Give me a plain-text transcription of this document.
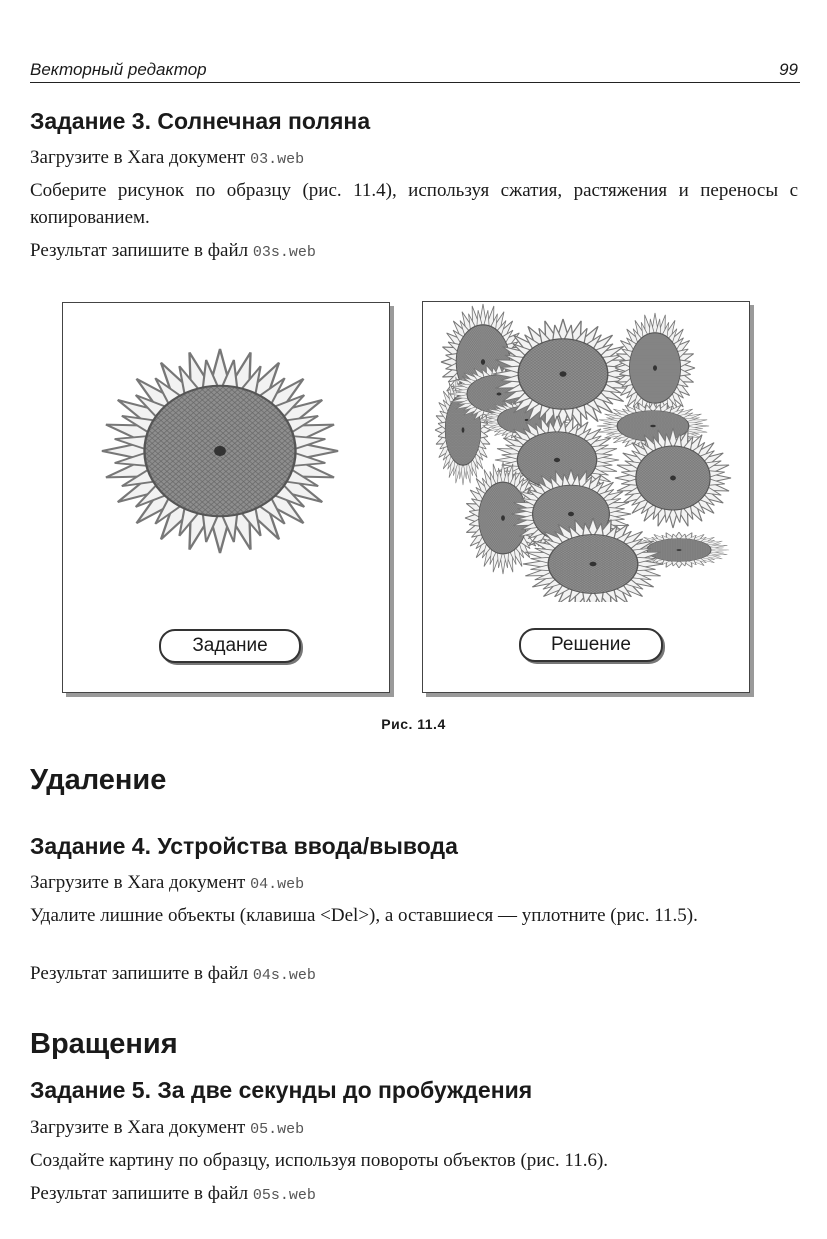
Векторный редактор	99
Задание 3. Солнечная поляна
Загрузите в Xara документ 03.web
Соберите рисунок по образцу (рис. 11.4), используя сжатия, растяжения и переносы с копированием.
Результат запишите в файл 03s.web
Задание	Решение
Рис. 11.4
Удаление
Задание 4. Устройства ввода/вывода
Загрузите в Xara документ 04.web
Удалите лишние объекты (клавиша <Del>), а оставшиеся — уплотните (рис. 11.5).
Результат запишите в файл 04s.web
Вращения
Задание 5. За две секунды до пробуждения
Загрузите в Xara документ 05.web
Создайте картину по образцу, используя повороты объектов (рис. 11.6).
Результат запишите в файл 05s.web
